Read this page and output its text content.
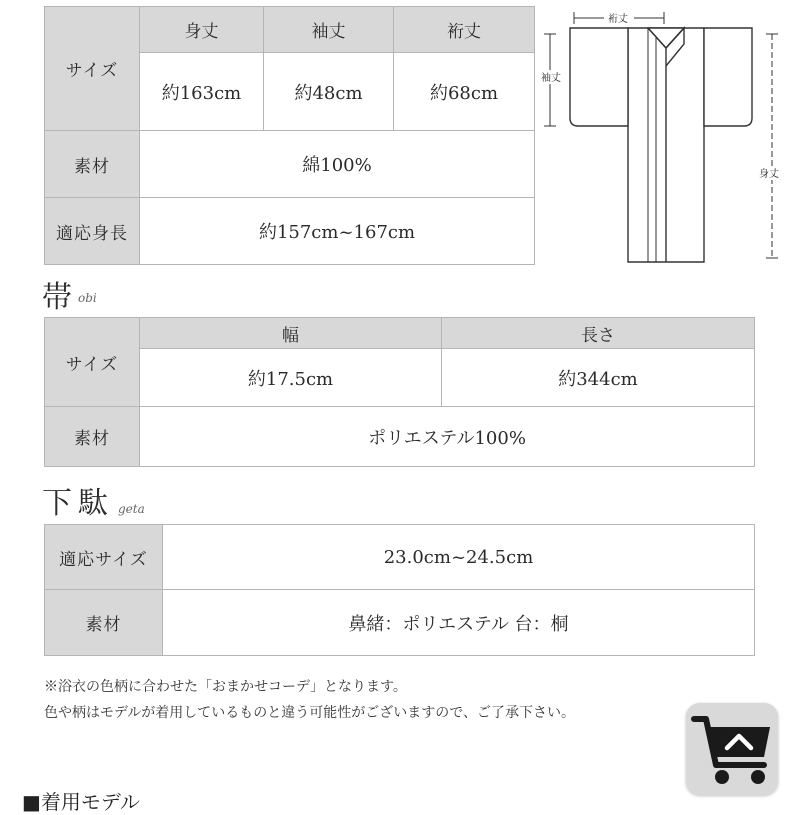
サイズ	身丈	袖丈	裄丈
	約163cm	約48cm	約68cm
素材	綿100%		
適応身長	約157cm~167cm		
裄丈
袖丈
身丈
帯 obi
サイズ	幅	長さ
	約17.5cm	約344cm
素材	ポリエステル100%	
下駄 geta
適応サイズ	23.0cm~24.5cm
素材	鼻緒：ポリエステル 台：桐
※浴衣の色柄に合わせた「おまかせコーデ」となります。
色や柄はモデルが着用しているものと違う可能性がございますので、ご了承下さい。
■着用モデル
